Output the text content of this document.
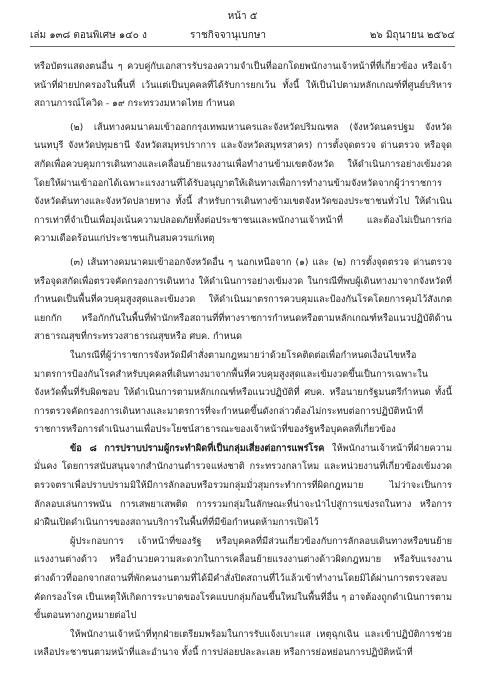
หน้า ๕
เล่ม ๑๓๘ ตอนพิเศษ ๑๔๐ ง	ราชกิจจานุเบกษา	๒๖ มิถุนายน ๒๕๖๔

หรือบัตรแสดงตนอื่น ๆ ควบคู่กับเอกสารรับรองความจำเป็นที่ออกโดยพนักงานเจ้าหน้าที่ที่เกี่ยวข้อง หรือเจ้าหน้าที่ฝ่ายปกครองในพื้นที่ เว้นแต่เป็นบุคคลที่ได้รับการยกเว้น ทั้งนี้ ให้เป็นไปตามหลักเกณฑ์ที่ศูนย์บริหารสถานการณ์โควิด - ๑๙ กระทรวงมหาดไทย กำหนด

(๒) เส้นทางคมนาคมเข้าออกกรุงเทพมหานครและจังหวัดปริมณฑล (จังหวัดนครปฐม จังหวัดนนทบุรี จังหวัดปทุมธานี จังหวัดสมุทรปราการ และจังหวัดสมุทรสาคร) การตั้งจุดตรวจ ด่านตรวจ หรือจุดสกัดเพื่อควบคุมการเดินทางและเคลื่อนย้ายแรงงานเพื่อทำงานข้ามเขตจังหวัด ให้ดำเนินการอย่างเข้มงวด โดยให้ผ่านเข้าออกได้เฉพาะแรงงานที่ได้รับอนุญาตให้เดินทางเพื่อการทำงานข้ามจังหวัดจากผู้ว่าราชการจังหวัดต้นทางและจังหวัดปลายทาง ทั้งนี้ สำหรับการเดินทางข้ามเขตจังหวัดของประชาชนทั่วไป ให้ดำเนินการเท่าที่จำเป็นเพื่อมุ่งเน้นความปลอดภัยทั้งต่อประชาชนและพนักงานเจ้าหน้าที่ และต้องไม่เป็นการก่อความเดือดร้อนแก่ประชาชนเกินสมควรแก่เหตุ

(๓) เส้นทางคมนาคมเข้าออกจังหวัดอื่น ๆ นอกเหนือจาก (๑) และ (๒) การตั้งจุดตรวจ ด่านตรวจ หรือจุดสกัดเพื่อตรวจคัดกรองการเดินทาง ให้ดำเนินการอย่างเข้มงวด ในกรณีที่พบผู้เดินทางมาจากจังหวัดที่กำหนดเป็นพื้นที่ควบคุมสูงสุดและเข้มงวด ให้ดำเนินมาตรการควบคุมและป้องกันโรคโดยการคุมไว้สังเกต แยกกัก หรือกักกันในพื้นที่พำนักหรือสถานที่ที่ทางราชการกำหนดหรือตามหลักเกณฑ์หรือแนวปฏิบัติด้านสาธารณสุขที่กระทรวงสาธารณสุขหรือ ศบค. กำหนด

ในกรณีที่ผู้ว่าราชการจังหวัดมีคำสั่งตามกฎหมายว่าด้วยโรคติดต่อเพื่อกำหนดเงื่อนไขหรือมาตรการป้องกันโรคสำหรับบุคคลที่เดินทางมาจากพื้นที่ควบคุมสูงสุดและเข้มงวดขึ้นเป็นการเฉพาะในจังหวัดพื้นที่รับผิดชอบ ให้ดำเนินการตามหลักเกณฑ์หรือแนวปฏิบัติที่ ศบค. หรือนายกรัฐมนตรีกำหนด ทั้งนี้ การตรวจคัดกรองการเดินทางและมาตรการที่จะกำหนดขึ้นดังกล่าวต้องไม่กระทบต่อการปฏิบัติหน้าที่ราชการหรือการดำเนินงานเพื่อประโยชน์สาธารณะของเจ้าหน้าที่ของรัฐหรือบุคคลที่เกี่ยวข้อง

ข้อ ๘ การปราบปรามผู้กระทำผิดที่เป็นกลุ่มเสี่ยงต่อการแพร่โรค ให้พนักงานเจ้าหน้าที่ฝ่ายความมั่นคง โดยการสนับสนุนจากสำนักงานตำรวจแห่งชาติ กระทรวงกลาโหม และหน่วยงานที่เกี่ยวข้องเข้มงวดตรวจตราเพื่อปราบปรามมิให้มีการลักลอบหรือรวมกลุ่มมั่วสุมกระทำการที่ผิดกฎหมาย ไม่ว่าจะเป็นการลักลอบเล่นการพนัน การเสพยาเสพติด การรวมกลุ่มในลักษณะที่น่าจะนำไปสู่การแข่งรถในทาง หรือการฝ่าฝืนเปิดดำเนินการของสถานบริการในพื้นที่ที่มีข้อกำหนดห้ามการเปิดไว้

ผู้ประกอบการ เจ้าหน้าที่ของรัฐ หรือบุคคลที่มีส่วนเกี่ยวข้องกับการลักลอบเดินทางหรือขนย้ายแรงงานต่างด้าว หรืออำนวยความสะดวกในการเคลื่อนย้ายแรงงานต่างด้าวผิดกฎหมาย หรือรับแรงงานต่างด้าวที่ออกจากสถานที่พักคนงานตามที่ได้มีคำสั่งปิดสถานที่ไว้แล้วเข้าทำงานโดยมิได้ผ่านการตรวจสอบคัดกรองโรค เป็นเหตุให้เกิดการระบาดของโรคแบบกลุ่มก้อนขึ้นใหม่ในพื้นที่อื่น ๆ อาจต้องถูกดำเนินการตามขั้นตอนทางกฎหมายต่อไป

ให้พนักงานเจ้าหน้าที่ทุกฝ่ายเตรียมพร้อมในการรับแจ้งเบาะแส เหตุฉุกเฉิน และเข้าปฏิบัติการช่วยเหลือประชาชนตามหน้าที่และอำนาจ ทั้งนี้ การปล่อยปละละเลย หรือการย่อหย่อนการปฏิบัติหน้าที่
